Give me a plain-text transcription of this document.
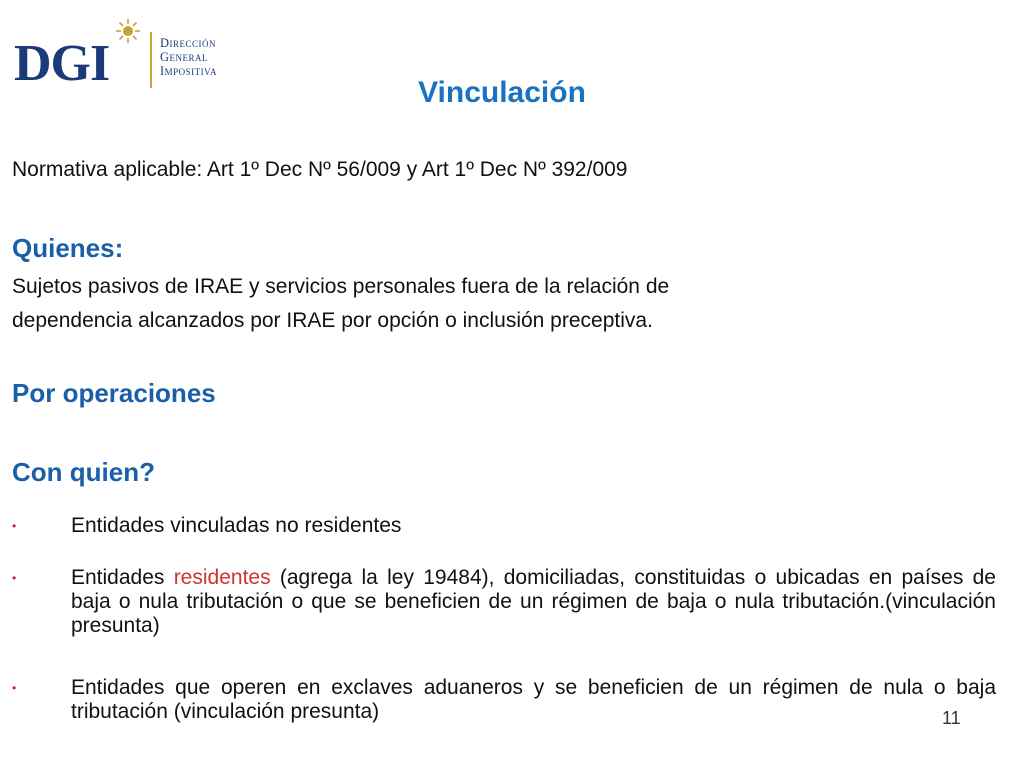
DGI	Dirección
General
Impositiva
Vinculación
Normativa aplicable: Art 1º Dec Nº 56/009 y Art 1º Dec Nº 392/009
Quienes:
Sujetos pasivos de IRAE y servicios personales fuera de la relación de
dependencia alcanzados por IRAE por opción o inclusión preceptiva.
Por operaciones
Con quien?
•	Entidades vinculadas no residentes
•	Entidades residentes (agrega la ley 19484), domiciliadas, constituidas o ubicadas en países de baja o nula tributación o que se beneficien de un régimen de baja o nula tributación.(vinculación presunta)
•	Entidades que operen en exclaves aduaneros y se beneficien de un régimen de nula o baja tributación (vinculación presunta)	11
